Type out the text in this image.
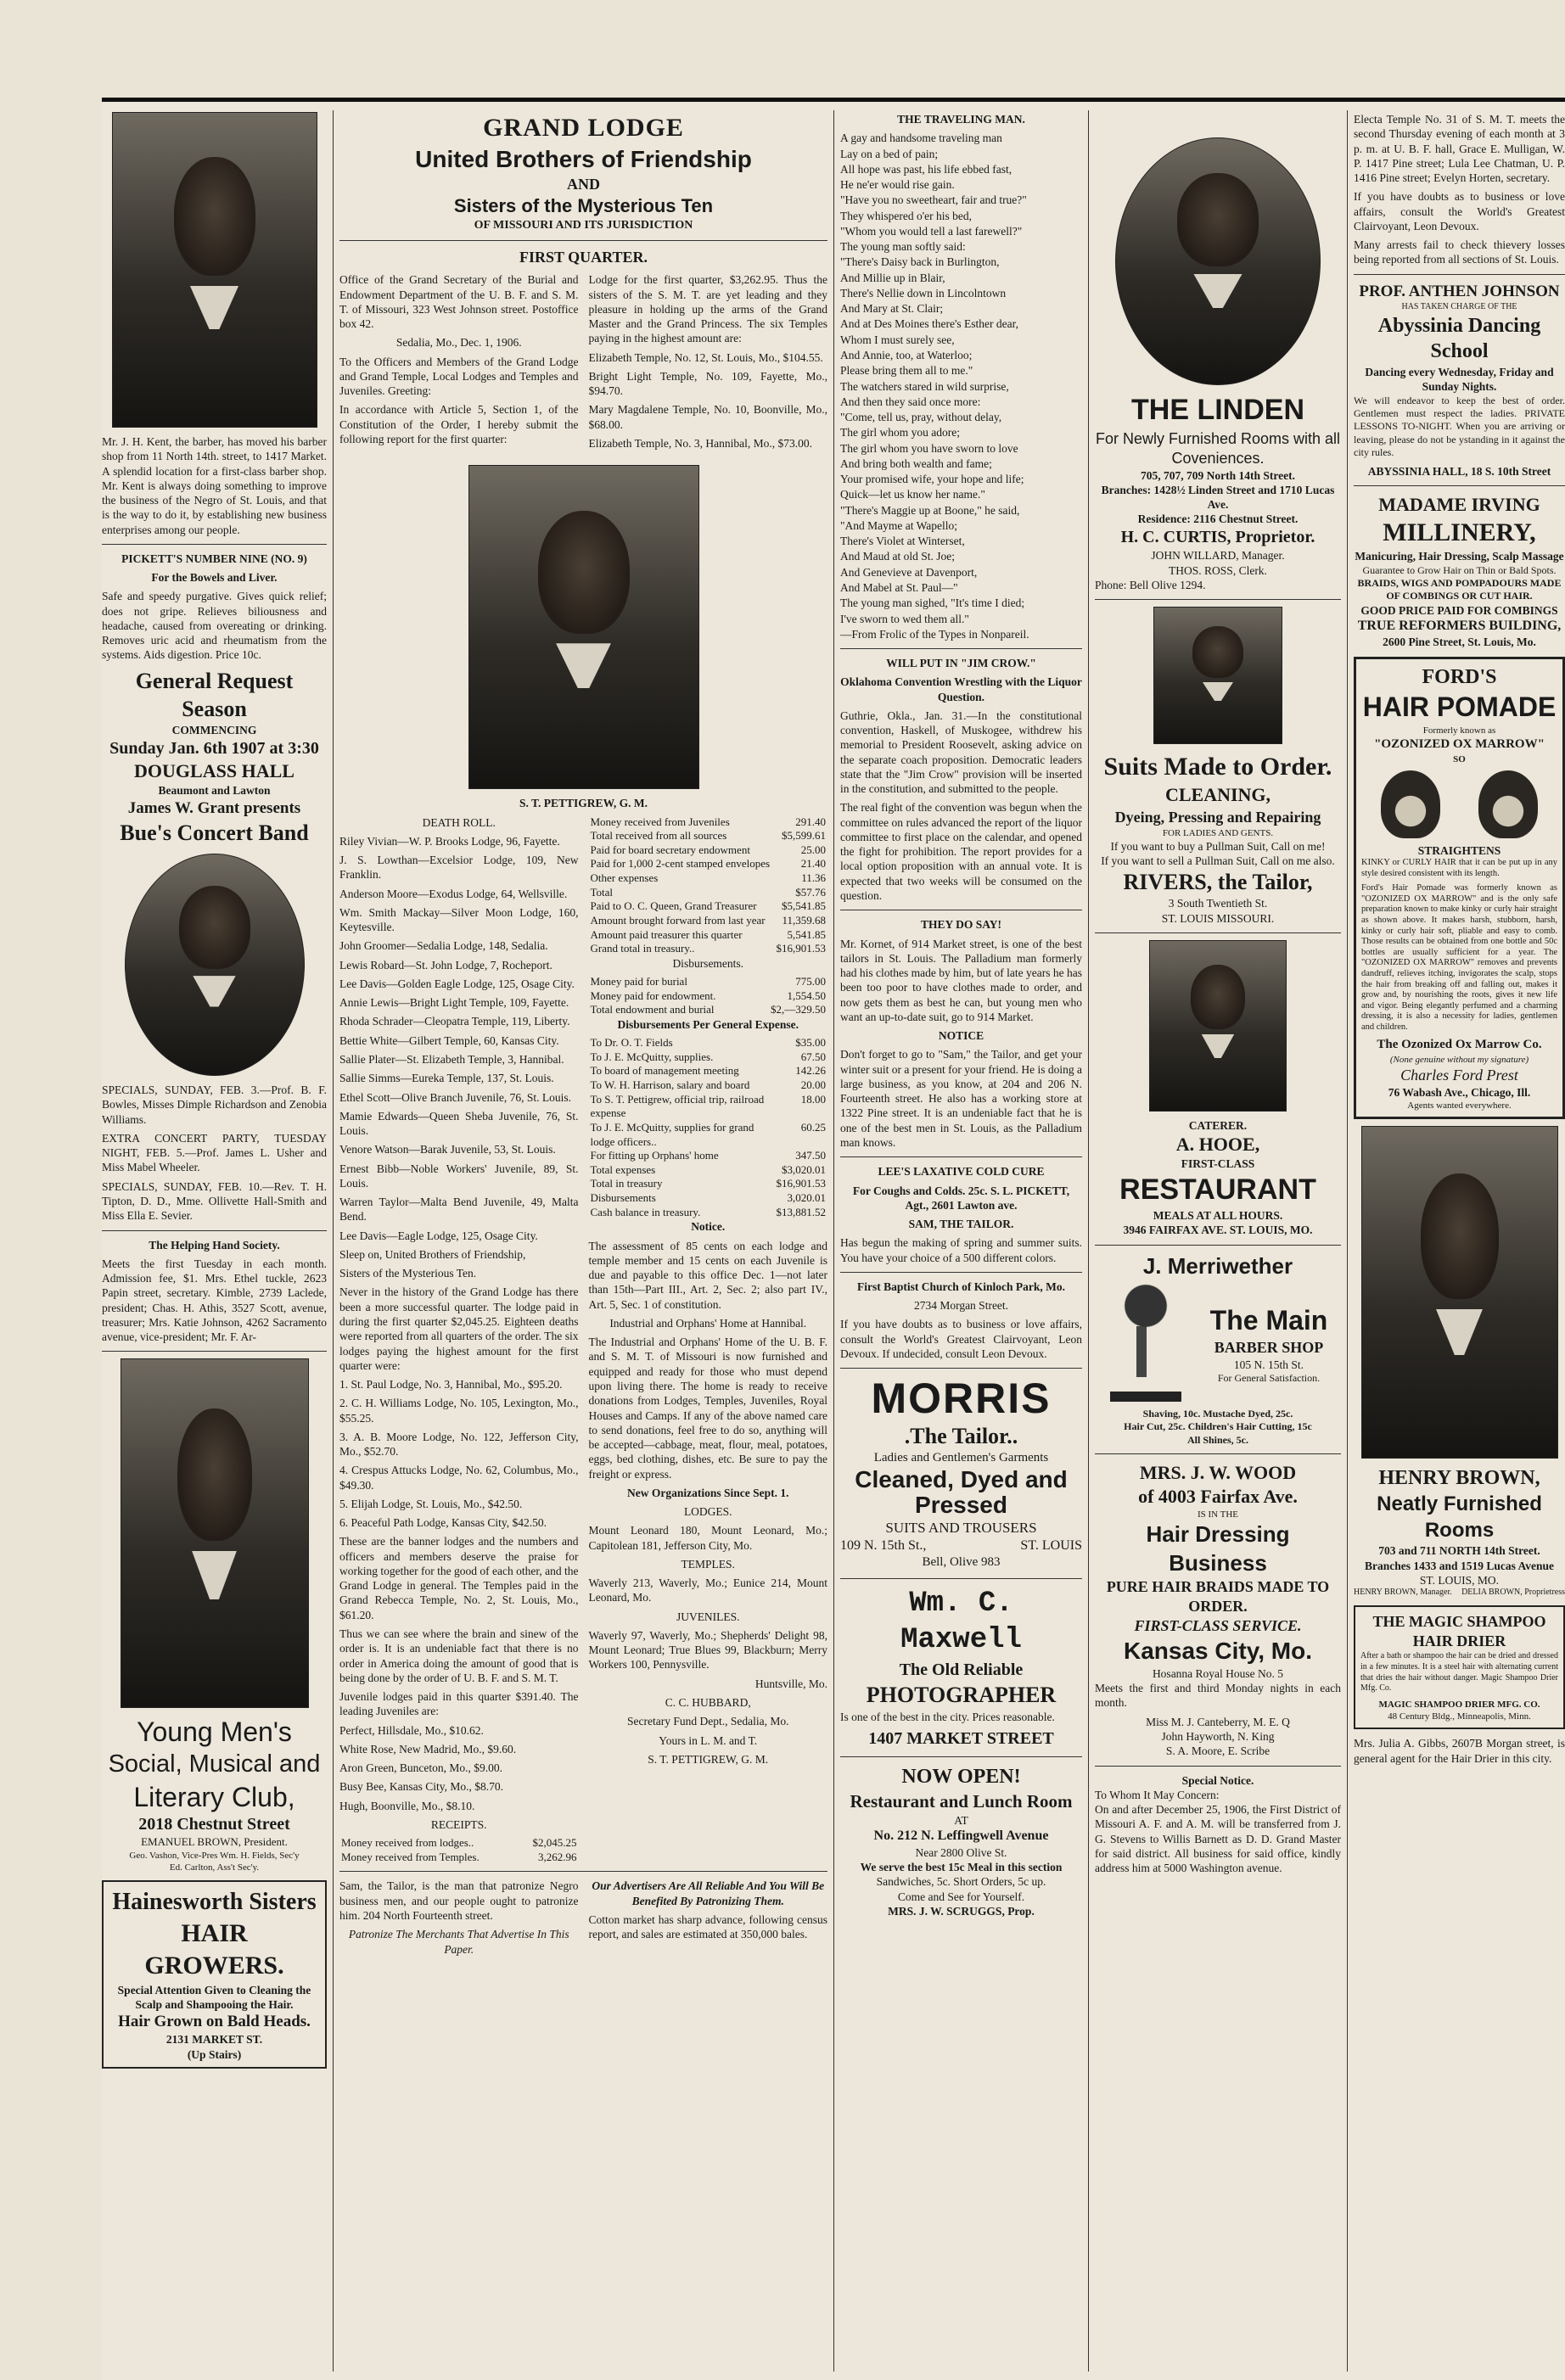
Mr. J. H. Kent, the barber, has moved his barber shop from 11 North 14th. street, to 1417 Market. A splendid location for a first-class barber shop. Mr. Kent is always doing something to improve the business of the Negro of St. Louis, and that is the way to do it, by establishing new business enterprises among our people.

PICKETT'S NUMBER NINE (NO. 9)

For the Bowels and Liver.

Safe and speedy purgative. Gives quick relief; does not gripe. Relieves biliousness and headache, caused from overeating or drinking. Removes uric acid and rheumatism from the systems. Aids digestion. Price 10c.

General Request Season
COMMENCING
Sunday Jan. 6th 1907 at 3:30
DOUGLASS HALL
Beaumont and Lawton
James W. Grant presents
Bue's Concert Band

SPECIALS, SUNDAY, FEB. 3.—Prof. B. F. Bowles, Misses Dimple Richardson and Zenobia Williams.

EXTRA CONCERT PARTY, TUESDAY NIGHT, FEB. 5.—Prof. James L. Usher and Miss Mabel Wheeler.

SPECIALS, SUNDAY, FEB. 10.—Rev. T. H. Tipton, D. D., Mme. Ollivette Hall-Smith and Miss Ella E. Sevier.

The Helping Hand Society.

Meets the first Tuesday in each month. Admission fee, $1. Mrs. Ethel tuckle, 2623 Papin street, secretary. Kimble, 2739 Laclede, president; Chas. H. Athis, 3527 Scott, avenue, treasurer; Mrs. Katie Johnson, 4262 Sacramento avenue, vice-president; Mr. F. Ar-

Young Men's
Social, Musical and
Literary Club,
2018 Chestnut Street
EMANUEL BROWN, President.
Geo. Vashon, Vice-Pres Wm. H. Fields, Sec'y
Ed. Carlton, Ass't Sec'y.
Hainesworth Sisters
HAIR GROWERS.
Special Attention Given to Cleaning the Scalp and Shampooing the Hair.
Hair Grown on Bald Heads.
2131 MARKET ST.
(Up Stairs)
GRAND LODGE
United Brothers of Friendship
AND
Sisters of the Mysterious Ten
OF MISSOURI AND ITS JURISDICTION
FIRST QUARTER.

Office of the Grand Secretary of the Burial and Endowment Department of the U. B. F. and S. M. T. of Missouri, 323 West Johnson street. Postoffice box 42.

Sedalia, Mo., Dec. 1, 1906.

To the Officers and Members of the Grand Lodge and Grand Temple, Local Lodges and Temples and Juveniles. Greeting:

In accordance with Article 5, Section 1, of the Constitution of the Order, I hereby submit the following report for the first quarter:

Lodge for the first quarter, $3,262.95. Thus the sisters of the S. M. T. are yet leading and they pleasure in holding up the arms of the Grand Master and the Grand Princess. The six Temples paying in the highest amount are:

Elizabeth Temple, No. 12, St. Louis, Mo., $104.55.

Bright Light Temple, No. 109, Fayette, Mo., $94.70.

Mary Magdalene Temple, No. 10, Boonville, Mo., $68.00.

Elizabeth Temple, No. 3, Hannibal, Mo., $73.00.

S. T. PETTIGREW, G. M.

DEATH ROLL.

Riley Vivian—W. P. Brooks Lodge, 96, Fayette.

J. S. Lowthan—Excelsior Lodge, 109, New Franklin.

Anderson Moore—Exodus Lodge, 64, Wellsville.

Wm. Smith Mackay—Silver Moon Lodge, 160, Keytesville.

John Groomer—Sedalia Lodge, 148, Sedalia.

Lewis Robard—St. John Lodge, 7, Rocheport.

Lee Davis—Golden Eagle Lodge, 125, Osage City.

Annie Lewis—Bright Light Temple, 109, Fayette.

Rhoda Schrader—Cleopatra Temple, 119, Liberty.

Bettie White—Gilbert Temple, 60, Kansas City.

Sallie Plater—St. Elizabeth Temple, 3, Hannibal.

Sallie Simms—Eureka Temple, 137, St. Louis.

Ethel Scott—Olive Branch Juvenile, 76, St. Louis.

Mamie Edwards—Queen Sheba Juvenile, 76, St. Louis.

Venore Watson—Barak Juvenile, 53, St. Louis.

Ernest Bibb—Noble Workers' Juvenile, 89, St. Louis.

Warren Taylor—Malta Bend Juvenile, 49, Malta Bend.

Lee Davis—Eagle Lodge, 125, Osage City.

Sleep on, United Brothers of Friendship,

Sisters of the Mysterious Ten.

Never in the history of the Grand Lodge has there been a more successful quarter. The lodge paid in during the first quarter $2,045.25. Eighteen deaths were reported from all quarters of the order. The six lodges paying the highest amount for the first quarter were:

1. St. Paul Lodge, No. 3, Hannibal, Mo., $95.20.

2. C. H. Williams Lodge, No. 105, Lexington, Mo., $55.25.

3. A. B. Moore Lodge, No. 122, Jefferson City, Mo., $52.70.

4. Crespus Attucks Lodge, No. 62, Columbus, Mo., $49.30.

5. Elijah Lodge, St. Louis, Mo., $42.50.

6. Peaceful Path Lodge, Kansas City, $42.50.

These are the banner lodges and the numbers and officers and members deserve the praise for working together for the good of each other, and the Grand Lodge in general. The Temples paid in the Grand Rebecca Temple, No. 2, St. Louis, Mo., $61.20.

Thus we can see where the brain and sinew of the order is. It is an undeniable fact that there is no order in America doing the amount of good that is being done by the order of U. B. F. and S. M. T.

Juvenile lodges paid in this quarter $391.40. The leading Juveniles are:

Perfect, Hillsdale, Mo., $10.62.

White Rose, New Madrid, Mo., $9.60.

Aron Green, Bunceton, Mo., $9.00.

Busy Bee, Kansas City, Mo., $8.70.

Hugh, Boonville, Mo., $8.10.

RECEIPTS.

Money received from lodges..	$2,045.25
Money received from Temples.	3,262.96
Money received from Juveniles	291.40
Total received from all sources	$5,599.61
Paid for board secretary endowment	25.00
Paid for 1,000 2-cent stamped envelopes	21.40
Other expenses	11.36
Total	$57.76
Paid to O. C. Queen, Grand Treasurer	$5,541.85
Amount brought forward from last year	11,359.68
Amount paid treasurer this quarter	5,541.85
Grand total in treasury..	$16,901.53

Disbursements.

Money paid for burial	775.00
Money paid for endowment.	1,554.50
Total endowment and burial	$2,—329.50

Disbursements Per General Expense.

To Dr. O. T. Fields	$35.00
To J. E. McQuitty, supplies.	67.50
To board of management meeting	142.26
To W. H. Harrison, salary and board	20.00
To S. T. Pettigrew, official trip, railroad expense	18.00
To J. E. McQuitty, supplies for grand lodge officers..	60.25
For fitting up Orphans' home	347.50
Total expenses	$3,020.01
Total in treasury	$16,901.53
Disbursements	3,020.01
Cash balance in treasury.	$13,881.52

Notice.

The assessment of 85 cents on each lodge and temple member and 15 cents on each Juvenile is due and payable to this office Dec. 1—not later than 15th—Part III., Art. 2, Sec. 2; also part IV., Art. 5, Sec. 1 of constitution.

Industrial and Orphans' Home at Hannibal.

The Industrial and Orphans' Home of the U. B. F. and S. M. T. of Missouri is now furnished and equipped and ready for those who must depend upon living there. The home is ready to receive donations from Lodges, Temples, Juveniles, Royal Houses and Camps. If any of the above named care to send donations, feel free to do so, anything will be accepted—cabbage, meat, flour, meal, potatoes, eggs, bed clothing, dishes, etc. Be sure to pay the freight or express.

New Organizations Since Sept. 1.

LODGES.

Mount Leonard 180, Mount Leonard, Mo.; Capitolean 181, Jefferson City, Mo.

TEMPLES.

Waverly 213, Waverly, Mo.; Eunice 214, Mount Leonard, Mo.

JUVENILES.

Waverly 97, Waverly, Mo.; Shepherds' Delight 98, Mount Leonard; True Blues 99, Blackburn; Merry Workers 100, Pennysville.

Huntsville, Mo.

C. C. HUBBARD,

Secretary Fund Dept., Sedalia, Mo.

Yours in L. M. and T.

S. T. PETTIGREW, G. M.

Sam, the Tailor, is the man that patronize Negro business men, and our people ought to patronize him. 204 North Fourteenth street.

Patronize The Merchants That Advertise In This Paper.

Our Advertisers Are All Reliable And You Will Be Benefited By Patronizing Them.

Cotton market has sharp advance, following census report, and sales are estimated at 350,000 bales.

THE TRAVELING MAN.

A gay and handsome traveling man

Lay on a bed of pain;

All hope was past, his life ebbed fast,

He ne'er would rise gain.

"Have you no sweetheart, fair and true?"

They whispered o'er his bed,

"Whom you would tell a last farewell?"

The young man softly said:

"There's Daisy back in Burlington,

And Millie up in Blair,

There's Nellie down in Lincolntown

And Mary at St. Clair;

And at Des Moines there's Esther dear,

Whom I must surely see,

And Annie, too, at Waterloo;

Please bring them all to me."

The watchers stared in wild surprise,

And then they said once more:

"Come, tell us, pray, without delay,

The girl whom you adore;

The girl whom you have sworn to love

And bring both wealth and fame;

Your promised wife, your hope and life;

Quick—let us know her name."

"There's Maggie up at Boone," he said,

"And Mayme at Wapello;

There's Violet at Winterset,

And Maud at old St. Joe;

And Genevieve at Davenport,

And Mabel at St. Paul—"

The young man sighed, "It's time I died;

I've sworn to wed them all."

—From Frolic of the Types in Nonpareil.

WILL PUT IN "JIM CROW."

Oklahoma Convention Wrestling with the Liquor Question.

Guthrie, Okla., Jan. 31.—In the constitutional convention, Haskell, of Muskogee, withdrew his memorial to President Roosevelt, asking advice on the separate coach proposition. Democratic leaders state that the "Jim Crow" provision will be inserted in the constitution, and submitted to the people.

The real fight of the convention was begun when the committee on rules advanced the report of the liquor committee to first place on the calendar, and opened the fight for prohibition. The report provides for a local option proposition with an annual vote. It is expected that two weeks will be consumed on the question.

THEY DO SAY!

Mr. Kornet, of 914 Market street, is one of the best tailors in St. Louis. The Palladium man formerly had his clothes made by him, but of late years he has been too poor to have clothes made to order, and now gets them as best he can, but young men who want an up-to-date suit, go to 914 Market.

NOTICE

Don't forget to go to "Sam," the Tailor, and get your winter suit or a present for your friend. He is doing a large business, as you know, at 204 and 206 N. Fourteenth street. He also has a working store at 1322 Pine street. It is an undeniable fact that he is one of the best men in St. Louis, as the Palladium man knows.

LEE'S LAXATIVE COLD CURE

For Coughs and Colds. 25c. S. L. PICKETT, Agt., 2601 Lawton ave.

SAM, THE TAILOR.

Has begun the making of spring and summer suits. You have your choice of a 500 different colors.

First Baptist Church of Kinloch Park, Mo.

2734 Morgan Street.

If you have doubts as to business or love affairs, consult the World's Greatest Clairvoyant, Leon Devoux. If undecided, consult Leon Devoux.

MORRIS
.The Tailor..
Ladies and Gentlemen's Garments
Cleaned, Dyed and Pressed
SUITS AND TROUSERS
109 N. 15th St.,	ST. LOUIS
Bell, Olive 983
Wm. C. Maxwell
The Old Reliable
PHOTOGRAPHER

Is one of the best in the city. Prices reasonable.

1407 MARKET STREET
NOW OPEN!
Restaurant and Lunch Room
AT
No. 212 N. Leffingwell Avenue
Near 2800 Olive St.
We serve the best 15c Meal in this section
Sandwiches, 5c. Short Orders, 5c up.
Come and See for Yourself.
MRS. J. W. SCRUGGS, Prop.
THE LINDEN
For Newly Furnished Rooms with all Coveniences.
705, 707, 709 North 14th Street.
Branches: 1428½ Linden Street and 1710 Lucas Ave.
Residence: 2116 Chestnut Street.
H. C. CURTIS, Proprietor.
JOHN WILLARD, Manager.
THOS. ROSS, Clerk.
Phone: Bell Olive 1294.
Suits Made to Order.
CLEANING,
Dyeing, Pressing and Repairing
FOR LADIES AND GENTS.
If you want to buy a Pullman Suit, Call on me!
If you want to sell a Pullman Suit, Call on me also.
RIVERS, the Tailor,
3 South Twentieth St.
ST. LOUIS MISSOURI.
CATERER.
A. HOOE,
FIRST-CLASS
RESTAURANT
MEALS AT ALL HOURS.
3946 FAIRFAX AVE. ST. LOUIS, MO.
J. Merriwether
The Main
BARBER SHOP
105 N. 15th St.
For General Satisfaction.
Shaving, 10c. Mustache Dyed, 25c.
Hair Cut, 25c. Children's Hair Cutting, 15c
All Shines, 5c.
MRS. J. W. WOOD
of 4003 Fairfax Ave.
IS IN THE
Hair Dressing Business
PURE HAIR BRAIDS MADE TO ORDER.
FIRST-CLASS SERVICE.
Kansas City, Mo.
Hosanna Royal House No. 5

Meets the first and third Monday nights in each month.

Miss M. J. Canteberry, M. E. Q
John Hayworth, N. King
S. A. Moore, E. Scribe
Special Notice.
To Whom It May Concern:

On and after December 25, 1906, the First District of Missouri A. F. and A. M. will be transferred from J. G. Stevens to Willis Barnett as D. D. Grand Master for said district. All business for said office, kindly address him at 5000 Washington avenue.

Electa Temple No. 31 of S. M. T. meets the second Thursday evening of each month at 3 p. m. at U. B. F. hall, Grace E. Mulligan, W. P. 1417 Pine street; Lula Lee Chatman, U. P. 1416 Pine street; Evelyn Horten, secretary.

If you have doubts as to business or love affairs, consult the World's Greatest Clairvoyant, Leon Devoux.

Many arrests fail to check thievery losses being reported from all sections of St. Louis.

PROF. ANTHEN JOHNSON
HAS TAKEN CHARGE OF THE
Abyssinia Dancing School
Dancing every Wednesday, Friday and Sunday Nights.

We will endeavor to keep the best of order. Gentlemen must respect the ladies. PRIVATE LESSONS TO-NIGHT. When you are arriving or leaving, please do not be ystanding in it against the city rules.

ABYSSINIA HALL, 18 S. 10th Street
MADAME IRVING
MILLINERY,
Manicuring, Hair Dressing, Scalp Massage
Guarantee to Grow Hair on Thin or Bald Spots.
BRAIDS, WIGS AND POMPADOURS MADE OF COMBINGS OR CUT HAIR.
GOOD PRICE PAID FOR COMBINGS
TRUE REFORMERS BUILDING,
2600 Pine Street, St. Louis, Mo.
FORD'S
HAIR POMADE
Formerly known as
"OZONIZED OX MARROW"
SO
STRAIGHTENS

KINKY or CURLY HAIR that it can be put up in any style desired consistent with its length.

Ford's Hair Pomade was formerly known as "OZONIZED OX MARROW" and is the only safe preparation known to make kinky or curly hair straight as shown above. It makes harsh, stubborn, harsh, kinky or curly hair soft, pliable and easy to comb. Those results can be obtained from one bottle and 50c bottles are usually sufficient for a year. The "OZONIZED OX MARROW" removes and prevents dandruff, relieves itching, invigorates the scalp, stops the hair from breaking off and falling out, makes it grow and, by nourishing the roots, gives it new life and vigor. Being elegantly perfumed and a charming dressing, it is also a necessity for ladies, gentlemen and children.

The Ozonized Ox Marrow Co.
(None genuine without my signature)
Charles Ford Prest
76 Wabash Ave., Chicago, Ill.
Agents wanted everywhere.
HENRY BROWN,
Neatly Furnished Rooms
703 and 711 NORTH 14th Street.
Branches 1433 and 1519 Lucas Avenue
ST. LOUIS, MO.
HENRY BROWN, Manager. DELIA BROWN, Proprietress
THE MAGIC SHAMPOO HAIR DRIER

After a bath or shampoo the hair can be dried and dressed in a few minutes. It is a steel hair with alternating current that dries the hair without danger. Magic Shampoo Drier Mfg. Co.

MAGIC SHAMPOO DRIER MFG. CO.
48 Century Bldg., Minneapolis, Minn.

Mrs. Julia A. Gibbs, 2607B Morgan street, is general agent for the Hair Drier in this city.
